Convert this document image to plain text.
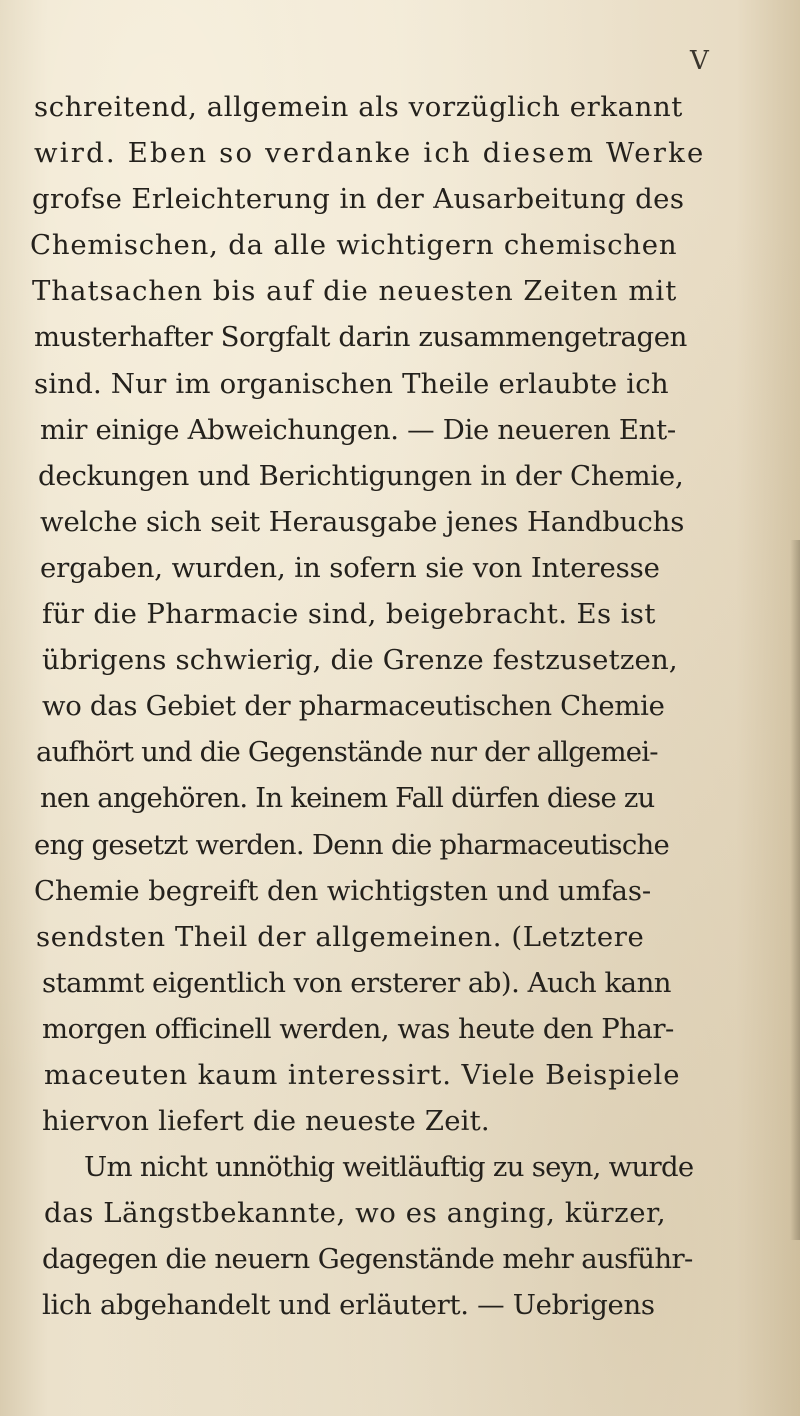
V
schreitend, allgemein als vorzüglich erkannt
wird. Eben so verdanke ich diesem Werke
grofse Erleichterung in der Ausarbeitung des
Chemischen, da alle wichtigern chemischen
Thatsachen bis auf die neuesten Zeiten mit
musterhafter Sorgfalt darin zusammengetragen
sind. Nur im organischen Theile erlaubte ich
mir einige Abweichungen. — Die neueren Ent-
deckungen und Berichtigungen in der Chemie,
welche sich seit Herausgabe jenes Handbuchs
ergaben, wurden, in sofern sie von Interesse
für die Pharmacie sind, beigebracht. Es ist
übrigens schwierig, die Grenze festzusetzen,
wo das Gebiet der pharmaceutischen Chemie
aufhört und die Gegenstände nur der allgemei-
nen angehören. In keinem Fall dürfen diese zu
eng gesetzt werden. Denn die pharmaceutische
Chemie begreift den wichtigsten und umfas-
sendsten Theil der allgemeinen. (Letztere
stammt eigentlich von ersterer ab). Auch kann
morgen officinell werden, was heute den Phar-
maceuten kaum interessirt. Viele Beispiele
hiervon liefert die neueste Zeit.
Um nicht unnöthig weitläuftig zu seyn, wurde
das Längstbekannte, wo es anging, kürzer,
dagegen die neuern Gegenstände mehr ausführ-
lich abgehandelt und erläutert. — Uebrigens
